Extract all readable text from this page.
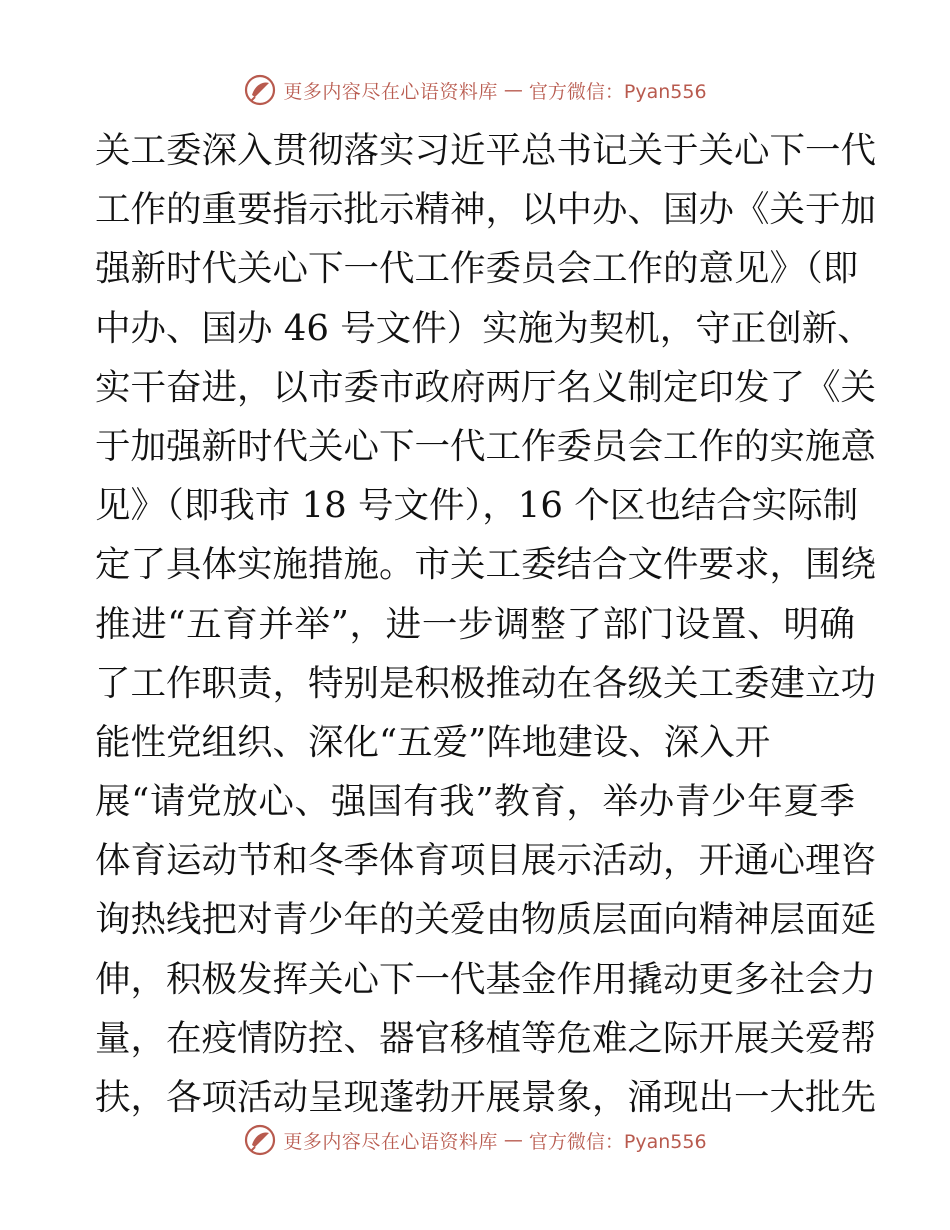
更多内容尽在心语资料库 — 官方微信：Pyan556
关工委深入贯彻落实习近平总书记关于关心下一代
工作的重要指示批示精神，以中办、国办《关于加
强新时代关心下一代工作委员会工作的意见》（即
中办、国办 46 号文件）实施为契机，守正创新、
实干奋进，以市委市政府两厅名义制定印发了《关
于加强新时代关心下一代工作委员会工作的实施意
见》（即我市 18 号文件），16 个区也结合实际制
定了具体实施措施。市关工委结合文件要求，围绕
推进“五育并举”，进一步调整了部门设置、明确
了工作职责，特别是积极推动在各级关工委建立功
能性党组织、深化“五爱”阵地建设、深入开
展“请党放心、强国有我”教育，举办青少年夏季
体育运动节和冬季体育项目展示活动，开通心理咨
询热线把对青少年的关爱由物质层面向精神层面延
伸，积极发挥关心下一代基金作用撬动更多社会力
量，在疫情防控、器官移植等危难之际开展关爱帮
扶，各项活动呈现蓬勃开展景象，涌现出一大批先
更多内容尽在心语资料库 — 官方微信：Pyan556
